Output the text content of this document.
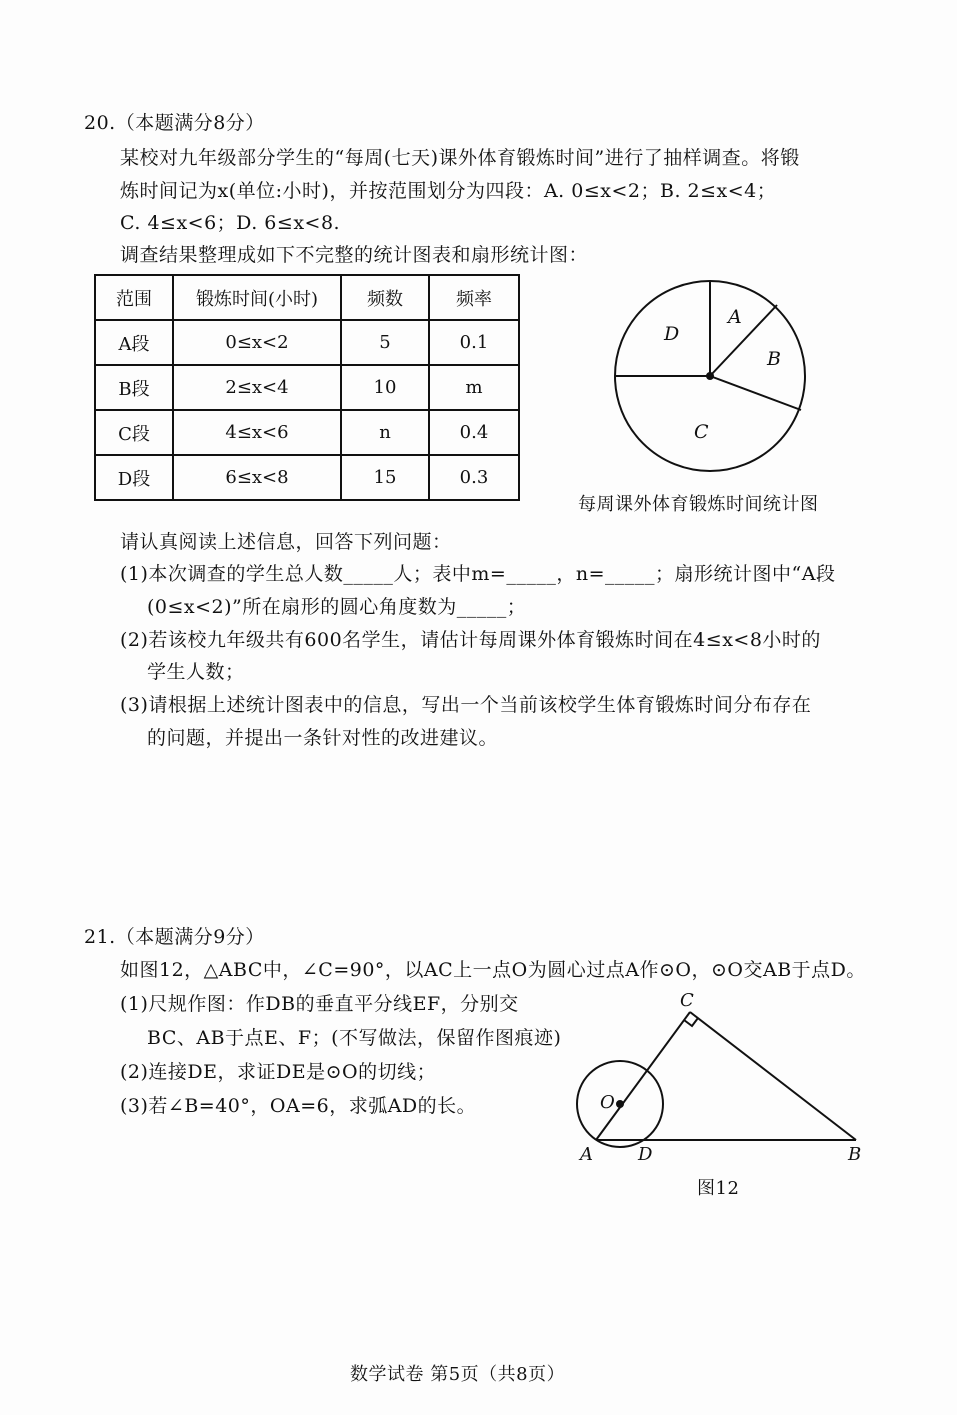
20.（本题满分8分）
某校对九年级部分学生的“每周(七天)课外体育锻炼时间”进行了抽样调查。将锻
炼时间记为x(单位:小时)，并按范围划分为四段：A. 0≤x<2；B. 2≤x<4；
C. 4≤x<6；D. 6≤x<8.
调查结果整理成如下不完整的统计图表和扇形统计图：
范围	锻炼时间(小时)	频数	频率
A段	0≤x<2	5	0.1
B段	2≤x<4	10	m
C段	4≤x<6	n	0.4
D段	6≤x<8	15	0.3
A
B
C
D
A	B
C
D
O
每周课外体育锻炼时间统计图
请认真阅读上述信息，回答下列问题：
(1)本次调查的学生总人数_____人；表中m=_____，n=_____；扇形统计图中“A段
(0≤x<2)”所在扇形的圆心角度数为_____；
(2)若该校九年级共有600名学生，请估计每周课外体育锻炼时间在4≤x<8小时的
学生人数；
(3)请根据上述统计图表中的信息，写出一个当前该校学生体育锻炼时间分布存在
的问题，并提出一条针对性的改进建议。
21.（本题满分9分）
如图12，△ABC中，∠C=90°，以AC上一点O为圆心过点A作⊙O，⊙O交AB于点D。
(1)尺规作图：作DB的垂直平分线EF，分别交
BC、AB于点E、F；(不写做法，保留作图痕迹)
(2)连接DE，求证DE是⊙O的切线；
(3)若∠B=40°，OA=6，求弧AD的长。
图12
数学试卷 第5页（共8页）
